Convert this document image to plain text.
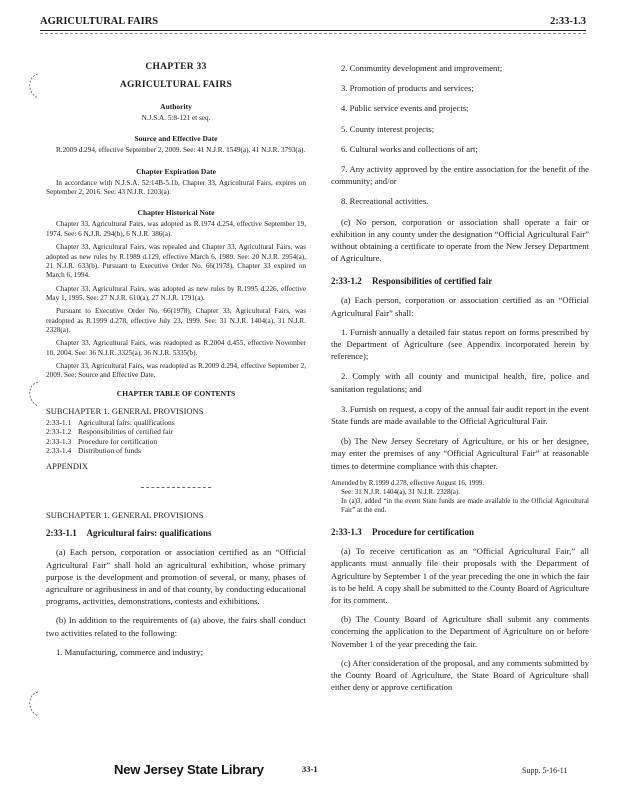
AGRICULTURAL FAIRS	2:33-1.3
CHAPTER 33
AGRICULTURAL FAIRS
Authority
N.J.S.A. 5:8-121 et seq.
Source and Effective Date
R.2009 d.294, effective September 2, 2009. See: 41 N.J.R. 1549(a), 41 N.J.R. 3793(a).
Chapter Expiration Date
In accordance with N.J.S.A. 52:14B-5.1b, Chapter 33, Agricultural Fairs, expires on September 2, 2016. See: 43 N.J.R. 1203(a).
Chapter Historical Note
Chapter 33, Agricultural Fairs, was adopted as R.1974 d.254, effective September 19, 1974. See: 6 N.J.R. 294(b), 6 N.J.R. 386(a).
Chapter 33, Agricultural Fairs, was repealed and Chapter 33, Agricultural Fairs, was adopted as new rules by R.1989 d.129, effective March 6, 1989. See: 20 N.J.R. 2954(a), 21 N.J.R. 633(b). Pursuant to Executive Order No. 66(1978), Chapter 33 expired on March 6, 1994.
Chapter 33, Agricultural Fairs, was adopted as new rules by R.1995 d.226, effective May 1, 1995. See: 27 N.J.R. 610(a), 27 N.J.R. 1791(a).
Pursuant to Executive Order No. 66(1978), Chapter 33, Agricultural Fairs, was readopted as R.1999 d.278, effective July 23, 1999. See: 31 N.J.R. 1404(a), 31 N.J.R. 2328(a).
Chapter 33, Agricultural Fairs, was readopted as R.2004 d.455, effective November 10, 2004. See: 36 N.J.R. 3325(a), 36 N.J.R. 5335(b).
Chapter 33, Agricultural Fairs, was readopted as R.2009 d.294, effective September 2, 2009. See: Source and Effective Date.
CHAPTER TABLE OF CONTENTS
SUBCHAPTER 1. GENERAL PROVISIONS
2:33-1.1 Agricultural fairs: qualifications
2:33-1.2 Responsibilities of certified fair
2:33-1.3 Procedure for certification
2:33-1.4 Distribution of funds
APPENDIX
SUBCHAPTER 1. GENERAL PROVISIONS
2:33-1.1 Agricultural fairs: qualifications
(a) Each person, corporation or association certified as an “Official Agricultural Fair” shall hold an agricultural exhibition, whose primary purpose is the development and promotion of several, or many, phases of agriculture or agribusiness in and of that county, by conducting educational programs, activities, demonstrations, contests and exhibitions.
(b) In addition to the requirements of (a) above, the fairs shall conduct two activities related to the following:
1. Manufacturing, commerce and industry;
2. Community development and improvement;
3. Promotion of products and services;
4. Public service events and projects;
5. County interest projects;
6. Cultural works and collections of art;
7. Any activity approved by the entire association for the benefit of the community; and/or
8. Recreational activities.
(c) No person, corporation or association shall operate a fair or exhibition in any county under the designation “Official Agricultural Fair” without obtaining a certificate to operate from the New Jersey Department of Agriculture.
2:33-1.2 Responsibilities of certified fair
(a) Each person, corporation or association certified as an “Official Agricultural Fair” shall:
1. Furnish annually a detailed fair status report on forms prescribed by the Department of Agriculture (see Appendix incorporated herein by reference);
2. Comply with all county and municipal health, fire, police and sanitation regulations; and
3. Furnish on request, a copy of the annual fair audit report in the event State funds are made available to the Official Agricultural Fair.
(b) The New Jersey Secretary of Agriculture, or his or her designee, may enter the premises of any “Official Agricultural Fair” at reasonable times to determine compliance with this chapter.
Amended by R.1999 d.278, effective August 16, 1999.
See: 31 N.J.R. 1404(a), 31 N.J.R. 2328(a).
In (a)3, added “in the event State funds are made available to the Official Agricultural Fair” at the end.
2:33-1.3 Procedure for certification
(a) To receive certification as an “Official Agricultural Fair,” all applicants must annually file their proposals with the Department of Agriculture by September 1 of the year preceding the one in which the fair is to be held. A copy shall be submitted to the County Board of Agriculture for its comment.
(b) The County Board of Agriculture shall submit any comments concerning the application to the Department of Agriculture on or before November 1 of the year preceding the fair.
(c) After consideration of the proposal, and any comments submitted by the County Board of Agriculture, the State Board of Agriculture shall either deny or approve certification
New Jersey State Library	33-1	Supp. 5-16-11
